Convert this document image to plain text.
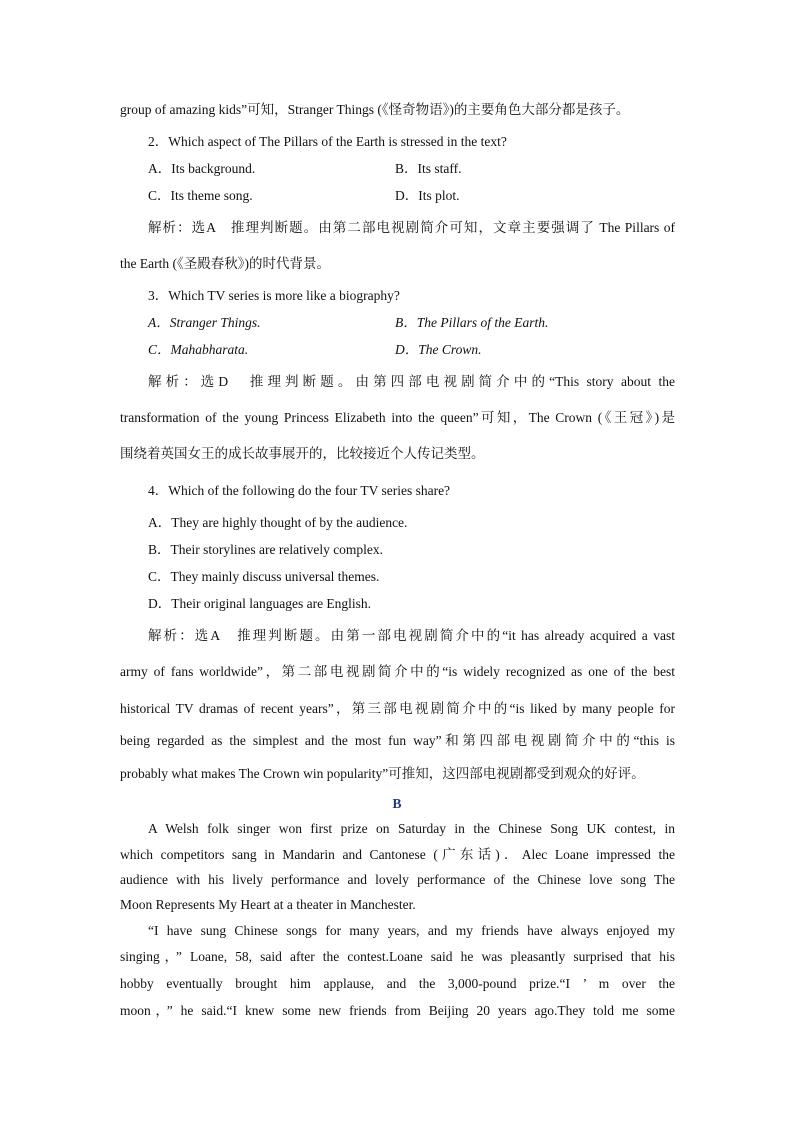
group of amazing kids”可知，Stranger Things (《怪奇物语》)的主要角色大部分都是孩子。
2．Which aspect of The Pillars of the Earth is stressed in the text?
A．Its background.	B．Its staff.
C．Its theme song.	D．Its plot.
解析：选A　推理判断题。由第二部电视剧简介可知，文章主要强调了 The Pillars of
the Earth (《圣殿春秋》)的时代背景。
3．Which TV series is more like a biography?
A．Stranger Things.	B．The Pillars of the Earth.
C．Mahabharata.	D．The Crown.
解析：选D　推理判断题。由第四部电视剧简介中的“This story about the
transformation of the young Princess Elizabeth into the queen”可知，The Crown (《王冠》)是
围绕着英国女王的成长故事展开的，比较接近个人传记类型。
4．Which of the following do the four TV series share?
A．They are highly thought of by the audience.
B．Their storylines are relatively complex.
C．They mainly discuss universal themes.
D．Their original languages are English.
解析：选A　推理判断题。由第一部电视剧简介中的“it has already acquired a vast
army of fans worldwide”，第二部电视剧简介中的“is widely recognized as one of the best
historical TV dramas of recent years”，第三部电视剧简介中的“is liked by many people for
being regarded as the simplest and the most fun way”和第四部电视剧简介中的“this is
probably what makes The Crown win popularity”可推知，这四部电视剧都受到观众的好评。
B
A Welsh folk singer won first prize on Saturday in the Chinese Song UK contest, in
which competitors sang in Mandarin and Cantonese (广东话)．Alec Loane impressed the
audience with his lively performance and lovely performance of the Chinese love song The
Moon Represents My Heart at a theater in Manchester.
“I have sung Chinese songs for many years, and my friends have always enjoyed my
singing，” Loane, 58, said after the contest.Loane said he was pleasantly surprised that his
hobby eventually brought him applause, and the 3,000-pound prize.“I ’ m over the
moon，” he said.“I knew some new friends from Beijing 20 years ago.They told me some
